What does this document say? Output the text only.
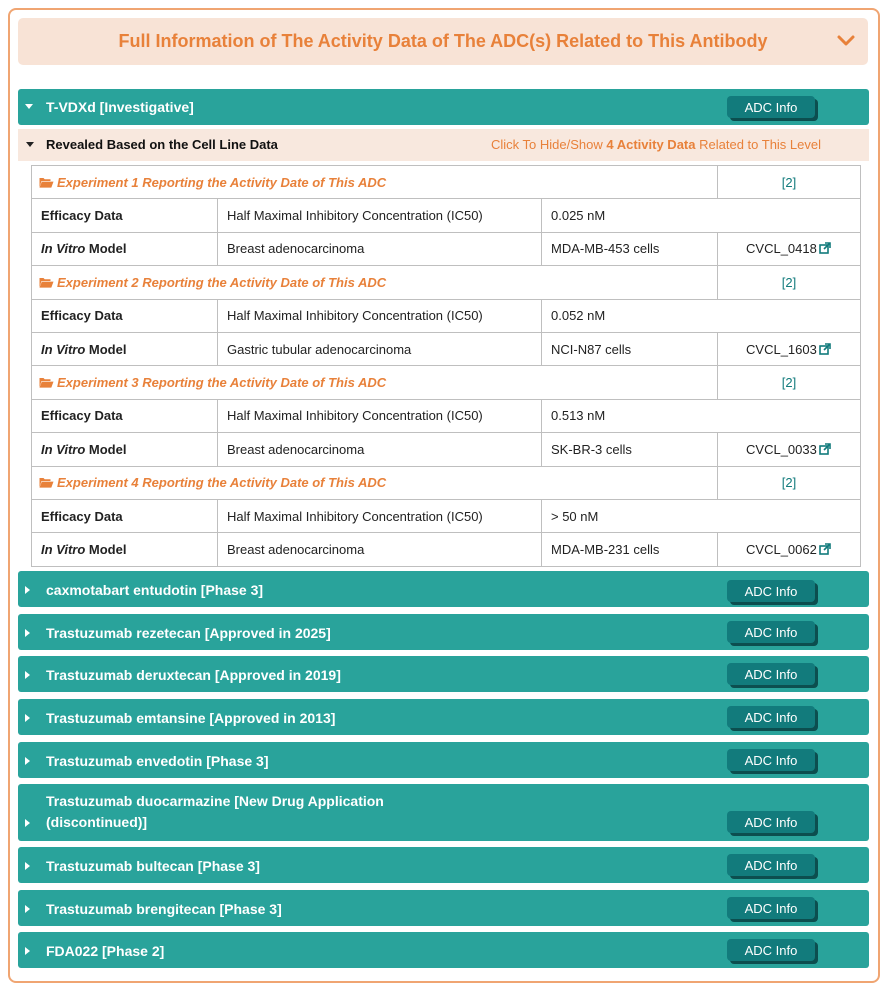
Full Information of The Activity Data of The ADC(s) Related to This Antibody
T-VDXd [Investigative]	ADC Info
Revealed Based on the Cell Line Data	Click To Hide/Show 4 Activity Data Related to This Level
Experiment 1 Reporting the Activity Date of This ADC			[2]
Efficacy Data	Half Maximal Inhibitory Concentration (IC50)	0.025 nM	
In Vitro Model	Breast adenocarcinoma	MDA-MB-453 cells	CVCL_0418
Experiment 2 Reporting the Activity Date of This ADC			[2]
Efficacy Data	Half Maximal Inhibitory Concentration (IC50)	0.052 nM	
In Vitro Model	Gastric tubular adenocarcinoma	NCI-N87 cells	CVCL_1603
Experiment 3 Reporting the Activity Date of This ADC			[2]
Efficacy Data	Half Maximal Inhibitory Concentration (IC50)	0.513 nM	
In Vitro Model	Breast adenocarcinoma	SK-BR-3 cells	CVCL_0033
Experiment 4 Reporting the Activity Date of This ADC			[2]
Efficacy Data	Half Maximal Inhibitory Concentration (IC50)	> 50 nM	
In Vitro Model	Breast adenocarcinoma	MDA-MB-231 cells	CVCL_0062
caxmotabart entudotin [Phase 3]	ADC Info
Trastuzumab rezetecan [Approved in 2025]	ADC Info
Trastuzumab deruxtecan [Approved in 2019]	ADC Info
Trastuzumab emtansine [Approved in 2013]	ADC Info
Trastuzumab envedotin [Phase 3]	ADC Info
Trastuzumab duocarmazine [New Drug Application
(discontinued)]	ADC Info
Trastuzumab bultecan [Phase 3]	ADC Info
Trastuzumab brengitecan [Phase 3]	ADC Info
FDA022 [Phase 2]	ADC Info
